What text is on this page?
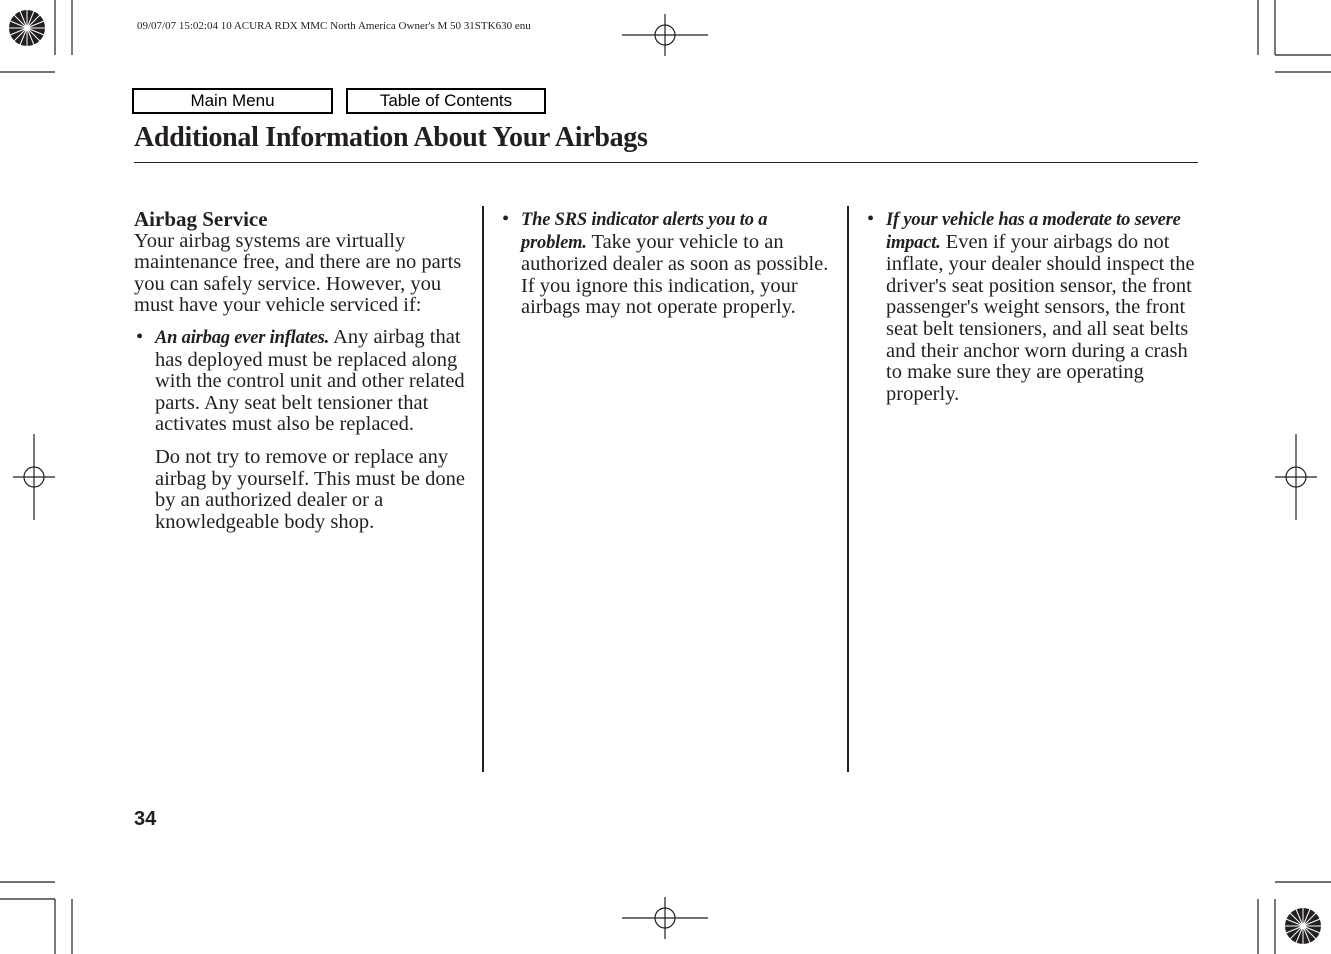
09/07/07 15:02:04 10 ACURA RDX MMC North America Owner's M 50 31STK630 enu
Main Menu	Table of Contents
Additional Information About Your Airbags

Airbag Service

Your airbag systems are virtually maintenance free, and there are no parts you can safely service. However, you must have your vehicle serviced if:

• An airbag ever inflates. Any airbag that has deployed must be replaced along with the control unit and other related parts. Any seat belt tensioner that activates must also be replaced.

Do not try to remove or replace any airbag by yourself. This must be done by an authorized dealer or a knowledgeable body shop.

• The SRS indicator alerts you to a problem. Take your vehicle to an authorized dealer as soon as possible. If you ignore this indication, your airbags may not operate properly.

• If your vehicle has a moderate to severe impact. Even if your airbags do not inflate, your dealer should inspect the driver's seat position sensor, the front passenger's weight sensors, the front seat belt tensioners, and all seat belts and their anchor worn during a crash to make sure they are operating properly.

34
